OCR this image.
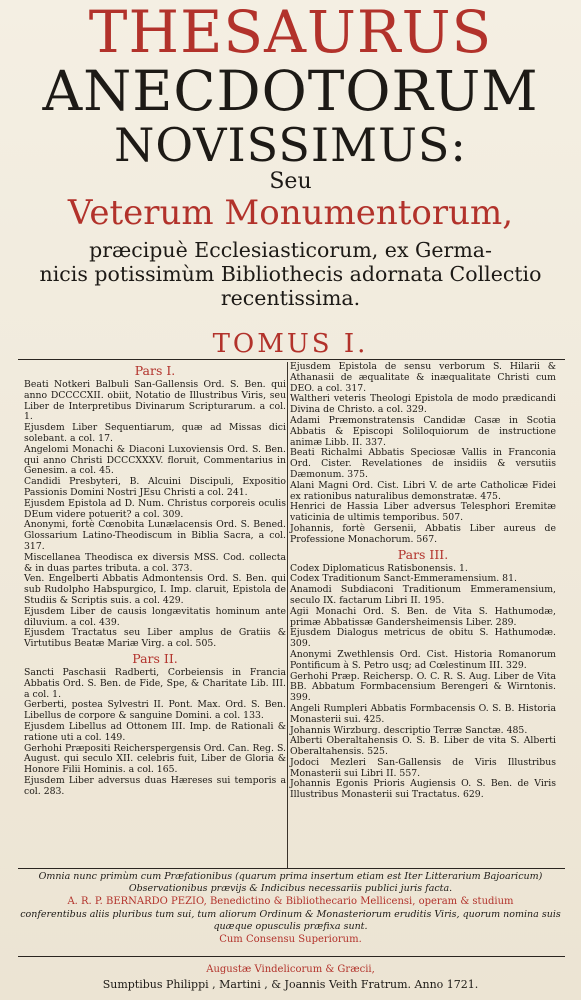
THESAURUS
ANECDOTORUM
NOVISSIMUS:
Seu
Veterum Monumentorum,
præcipuè Ecclesiasticorum, ex Germa-
nicis potissimùm Bibliothecis adornata Collectio
recentissima.
TOMUS I.
Pars I.

Beati Notkeri Balbuli San-Gallensis Ord. S. Ben. qui anno DCCCCXII. obiit, Notatio de Illustribus Viris, seu Liber de Interpretibus Divinarum Scripturarum. a col. 1.

Ejusdem Liber Sequentiarum, quæ ad Missas dici solebant. a col. 17.

Angelomi Monachi & Diaconi Luxoviensis Ord. S. Ben. qui anno Christi DCCCXXXV. floruit, Commentarius in Genesim. a col. 45.

Candidi Presbyteri, B. Alcuini Discipuli, Expositio Passionis Domini Nostri JEsu Christi a col. 241.

Ejusdem Epistola ad D. Num. Christus corporeis oculis DEum videre potuerit? a col. 309.

Anonymi, fortè Cœnobita Lunælacensis Ord. S. Bened. Glossarium Latino-Theodiscum in Biblia Sacra, a col. 317.

Miscellanea Theodisca ex diversis MSS. Cod. collecta & in duas partes tributa. a col. 373.

Ven. Engelberti Abbatis Admontensis Ord. S. Ben. qui sub Rudolpho Habspurgico, I. Imp. claruit, Epistola de Studiis & Scriptis suis. a col. 429.

Ejusdem Liber de causis longævitatis hominum ante diluvium. a col. 439.

Ejusdem Tractatus seu Liber amplus de Gratiis & Virtutibus Beatæ Mariæ Virg. a col. 505.

Pars II.

Sancti Paschasii Radberti, Corbeiensis in Francia Abbatis Ord. S. Ben. de Fide, Spe, & Charitate Lib. III. a col. 1.

Gerberti, postea Sylvestri II. Pont. Max. Ord. S. Ben. Libellus de corpore & sanguine Domini. a col. 133.

Ejusdem Libellus ad Ottonem III. Imp. de Rationali & ratione uti a col. 149.

Gerhohi Præpositi Reicherspergensis Ord. Can. Reg. S. August. qui seculo XII. celebris fuit, Liber de Gloria & Honore Filii Hominis. a col. 165.

Ejusdem Liber adversus duas Hæreses sui temporis a col. 283.

Ejusdem Epistola de sensu verborum S. Hilarii & Athanasii de æqualitate & inæqualitate Christi cum DEO. a col. 317.

Waltheri veteris Theologi Epistola de modo prædicandi Divina de Christo. a col. 329.

Adami Præmonstratensis Candidæ Casæ in Scotia Abbatis & Episcopi Soliloquiorum de instructione animæ Libb. II. 337.

Beati Richalmi Abbatis Speciosæ Vallis in Franconia Ord. Cister. Revelationes de insidiis & versutiis Dæmonum. 375.

Alani Magni Ord. Cist. Libri V. de arte Catholicæ Fidei ex rationibus naturalibus demonstratæ. 475.

Henrici de Hassia Liber adversus Telesphori Eremitæ vaticinia de ultimis temporibus. 507.

Johannis, fortè Gersenii, Abbatis Liber aureus de Professione Monachorum. 567.

Pars III.

Codex Diplomaticus Ratisbonensis. 1.

Codex Traditionum Sanct-Emmeramensium. 81.

Anamodi Subdiaconi Traditionum Emmeramensium, seculo IX. factarum Libri II. 195.

Agii Monachi Ord. S. Ben. de Vita S. Hathumodæ, primæ Abbatissæ Gandersheimensis Liber. 289.

Ejusdem Dialogus metricus de obitu S. Hathumodæ. 309.

Anonymi Zwethlensis Ord. Cist. Historia Romanorum Pontificum à S. Petro usq; ad Cœlestinum III. 329.

Gerhohi Præp. Reichersp. O. C. R. S. Aug. Liber de Vita BB. Abbatum Formbacensium Berengeri & Wirntonis. 399.

Angeli Rumpleri Abbatis Formbacensis O. S. B. Historia Monasterii sui. 425.

Johannis Wirzburg. descriptio Terræ Sanctæ. 485.

Alberti Oberaltahensis O. S. B. Liber de vita S. Alberti Oberaltahensis. 525.

Jodoci Mezleri San-Gallensis de Viris Illustribus Monasterii sui Libri II. 557.

Johannis Egonis Prioris Augiensis O. S. Ben. de Viris Illustribus Monasterii sui Tractatus. 629.

Omnia nunc primùm cum Præfationibus (quarum prima insertum etiam est Iter Litterarium Bajoaricum) Observationibus prævijs & Indicibus necessariis publici juris facta.
A. R. P. BERNARDO PEZIO, Benedictino & Bibliothecario Mellicensi, operam & studium
conferentibus aliis pluribus tum sui, tum aliorum Ordinum & Monasteriorum eruditis Viris, quorum nomina suis quæque opusculis præfixa sunt.
Cum Consensu Superiorum.
Augustæ Vindelicorum & Græcii,
Sumptibus Philippi , Martini , & Joannis Veith Fratrum. Anno 1721.
